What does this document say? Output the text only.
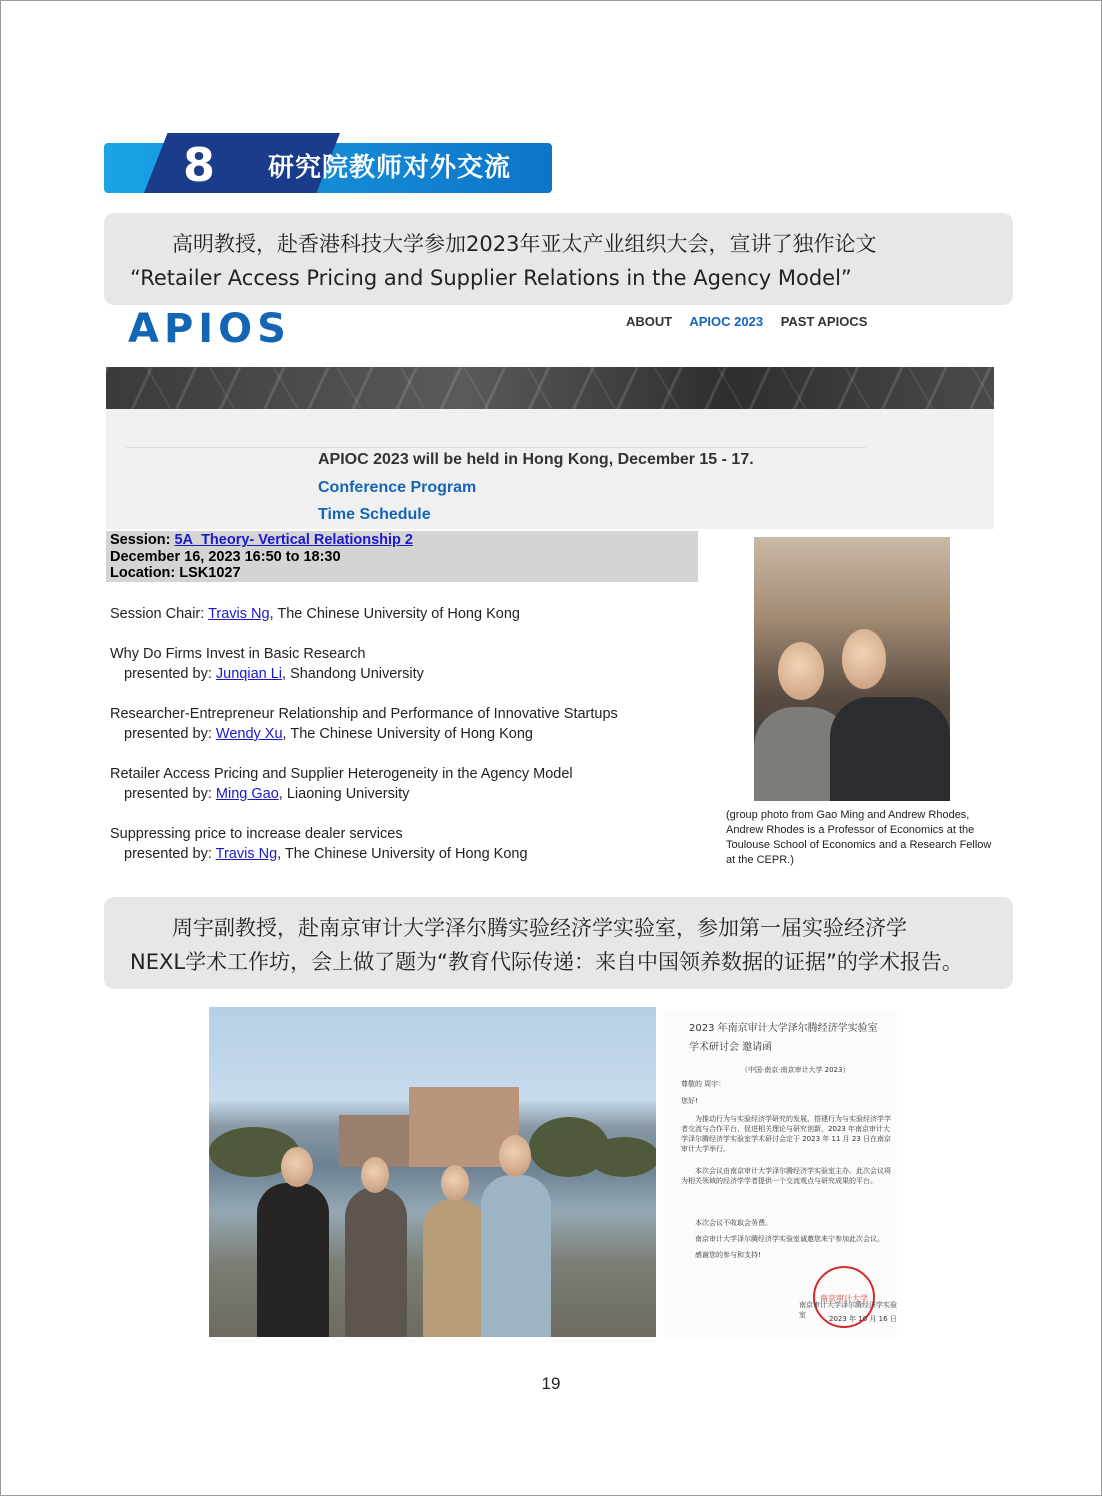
8	研究院教师对外交流

高明教授，赴香港科技大学参加2023年亚太产业组织大会，宣讲了独作论文

“Retailer Access Pricing and Supplier Relations in the Agency Model”

APIOS	ABOUT APIOC 2023 PAST APIOCS
APIOC 2023 will be held in Hong Kong, December 15 - 17.
Conference Program
Time Schedule
Session: 5A_Theory- Vertical Relationship 2
December 16, 2023 16:50 to 18:30
Location: LSK1027
Session Chair: Travis Ng, The Chinese University of Hong Kong
Why Do Firms Invest in Basic Research
presented by: Junqian Li, Shandong University
Researcher-Entrepreneur Relationship and Performance of Innovative Startups
presented by: Wendy Xu, The Chinese University of Hong Kong
Retailer Access Pricing and Supplier Heterogeneity in the Agency Model
presented by: Ming Gao, Liaoning University
Suppressing price to increase dealer services
presented by: Travis Ng, The Chinese University of Hong Kong
(group photo from Gao Ming and Andrew Rhodes, Andrew Rhodes is a Professor of Economics at the Toulouse School of Economics and a Research Fellow at the CEPR.)

周宇副教授，赴南京审计大学泽尔腾实验经济学实验室，参加第一届实验经济学

NEXL学术工作坊，会上做了题为“教育代际传递：来自中国领养数据的证据”的学术报告。

2023 年南京审计大学泽尔腾经济学实验室
学术研讨会 邀请函
（中国·南京·南京审计大学 2023）
尊敬的 周宇：
您好!
为推动行为与实验经济学研究的发展，搭建行为与实验经济学学者交流与合作平台，促进相关理论与研究创新，2023 年南京审计大学泽尔腾经济学实验室学术研讨会定于 2023 年 11 月 23 日在南京审计大学举行。
本次会议由南京审计大学泽尔腾经济学实验室主办。此次会议将为相关领域的经济学学者提供一个交流观点与研究成果的平台。
本次会议不收取会务费。
南京审计大学泽尔腾经济学实验室诚邀您来宁参加此次会议。
感谢您的参与和支持!
南京审计大学
南京审计大学泽尔腾经济学实验室	2023 年 10 月 16 日
19
